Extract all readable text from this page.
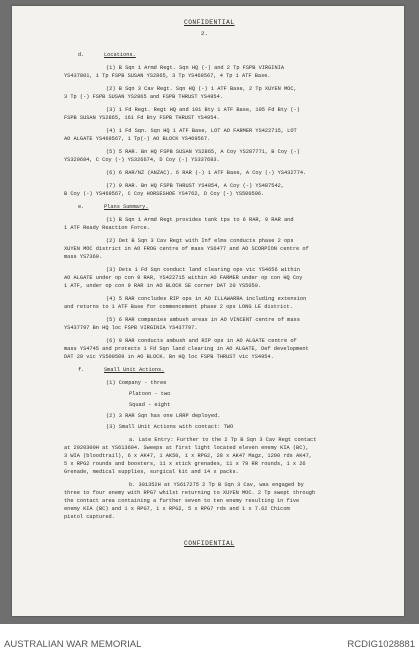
CONFIDENTIAL
2.
d.	Locations.
(1) B Sqn 1 Armd Regt. Sqn HQ (-) and 2 Tp FSPB VIRGINIA
YS437801, 1 Tp FSPB SUSAN YS2865, 3 Tp YS469567, 4 Tp 1 ATF Base.
(2) B Sqn 3 Cav Regt. Sqn HQ (-) 1 ATF Base, 2 Tp XUYEN MOC,
3 Tp (-) FSPB SUSAN YS2865 and FSPB THRUST YS4954.
(3) 1 Fd Regt. Regt HQ and 101 Bty 1 ATF Base, 105 Fd Bty (-)
FSPB SUSAN YS2865, 161 Fd Bty FSPB THRUST YS4954.
(4) 1 Fd Sqn. Sqn HQ 1 ATF Base, LOT AO FARMER YS422715, LOT
AO ALGATE YS469567, 1 Tp(-) AO BLOCK YS469567.
(5) 5 RAR. Bn HQ FSPB SUSAN YS2865, A Coy YS287771, B Coy (-)
YS329684, C Coy (-) YS326674, D Coy (-) YS337683.
(6) 6 RAR/NZ (ANZAC). 6 RAR (-) 1 ATF Base, A Coy (-) YS432774.
(7) 9 RAR. Bn HQ FSPB THRUST YS4954, A Coy (-) YS487542,
B Coy (-) YS469567, C Coy HORSESHOE YS4762, D Coy (-) YS500596.
e.	Plans Summary.
(1) B Sqn 1 Armd Regt provides tank tps to 6 RAR, 9 RAR and
1 ATF Ready Reaction Force.
(2) Det B Sqn 3 Cav Regt with Inf elms conducts phase 2 ops
XUYEN MOC district in AO FROG centre of mass YS6477 and AO SCORPION centre of
mass YS7369.
(3) Dets 1 Fd Sqn conduct land clearing ops vic YS4656 within
AO ALGATE under op con 9 RAR, YS422715 within AO FARMER under op con HQ Coy
1 ATF, under op con 9 RAR in AO BLOCK SE corner DAT 20 YS5059.
(4) 5 RAR concludes RIP ops in AO ILLAWARRA including extension
and returns to 1 ATF Base for commencement phase 2 ops LONG LE district.
(5) 6 RAR companies ambush areas in AO VINCENT centre of mass
YS437797 Bn HQ loc FSPB VIRGINIA YS437797.
(6) 9 RAR conducts ambush and RIP ops in AO ALGATE centre of
mass YS4745 and protects 1 Fd Sqn land clearing in AO ALGATE, Def development
DAT 20 vic YS500589 in AO BLOCK. Bn HQ loc FSPB THRUST vic YS4954.
f.	Small Unit Actions.
(1) Company - three
Platoon - two
Squad - eight
(2) 3 RAR Sqn has one LRRP deployed.
(3) Small Unit Actions with contact: TWO
a. Late Entry: Further to the 2 Tp B Sqn 3 Cav Regt contact
at 2920300H at YS613604. Sweeps at first light located eleven enemy KIA (BC),
3 WIA (bloodtrail), 6 x AK47, 1 AK50, 1 x RPG2, 28 x AK47 Magz, 1200 rds AK47,
5 x RPG2 rounds and boosters, 11 x stick grenades, 11 x 79 RR rounds, 1 x 26
Grenade, medical supplies, surgical kit and 14 x packs.
b. 301352H at YS617275 2 Tp B Sqn 3 Cav, was engaged by
three to four enemy with RPG7 whilst returning to XUYEN MOC. 2 Tp swept through
the contact area containing a further seven to ten enemy resulting in five
enemy KIA (BC) and 1 x RPG7, 1 x RPG2, 5 x RPG7 rds and 1 x 7.62 Chicom
pistol captured.
CONFIDENTIAL
AUSTRALIAN WAR MEMORIAL	RCDIG1028881
